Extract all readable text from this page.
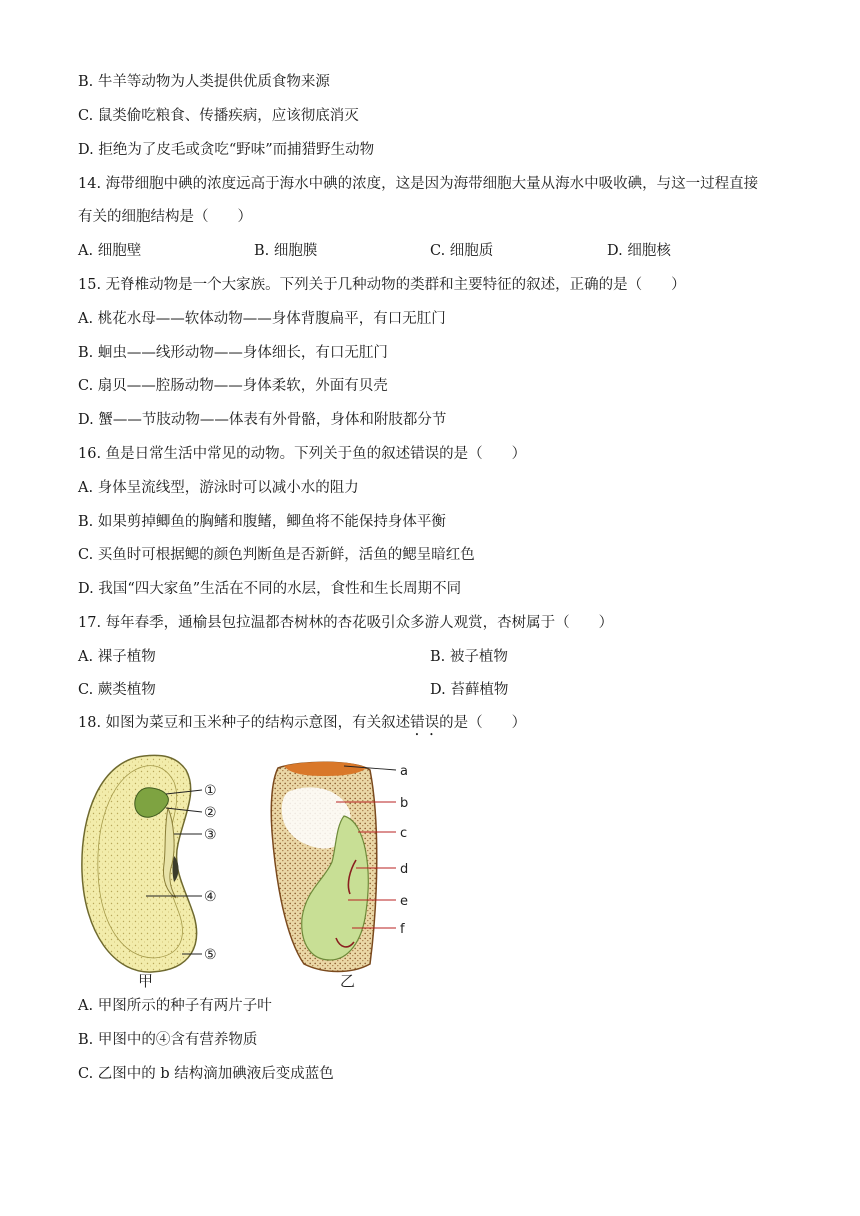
B. 牛羊等动物为人类提供优质食物来源
C. 鼠类偷吃粮食、传播疾病，应该彻底消灭
D. 拒绝为了皮毛或贪吃“野味”而捕猎野生动物
14. 海带细胞中碘的浓度远高于海水中碘的浓度，这是因为海带细胞大量从海水中吸收碘，与这一过程直接
有关的细胞结构是（　　）
A. 细胞壁	B. 细胞膜	C. 细胞质	D. 细胞核
15. 无脊椎动物是一个大家族。下列关于几种动物的类群和主要特征的叙述，正确的是（　　）
A. 桃花水母——软体动物——身体背腹扁平，有口无肛门
B. 蛔虫——线形动物——身体细长，有口无肛门
C. 扇贝——腔肠动物——身体柔软，外面有贝壳
D. 蟹——节肢动物——体表有外骨骼，身体和附肢都分节
16. 鱼是日常生活中常见的动物。下列关于鱼的叙述错误的是（　　）
A. 身体呈流线型，游泳时可以减小水的阻力
B. 如果剪掉鲫鱼的胸鳍和腹鳍，鲫鱼将不能保持身体平衡
C. 买鱼时可根据鳃的颜色判断鱼是否新鲜，活鱼的鳃呈暗红色
D. 我国“四大家鱼”生活在不同的水层，食性和生长周期不同
17. 每年春季，通榆县包拉温都杏树林的杏花吸引众多游人观赏，杏树属于（　　）
A. 裸子植物	B. 被子植物
C. 蕨类植物	D. 苔藓植物
18. 如图为菜豆和玉米种子的结构示意图，有关叙述错误的是（　　）
①
②
③
④
⑤
甲
a
b
c
d
e
f
乙
A. 甲图所示的种子有两片子叶
B. 甲图中的④含有营养物质
C. 乙图中的 b 结构滴加碘液后变成蓝色
